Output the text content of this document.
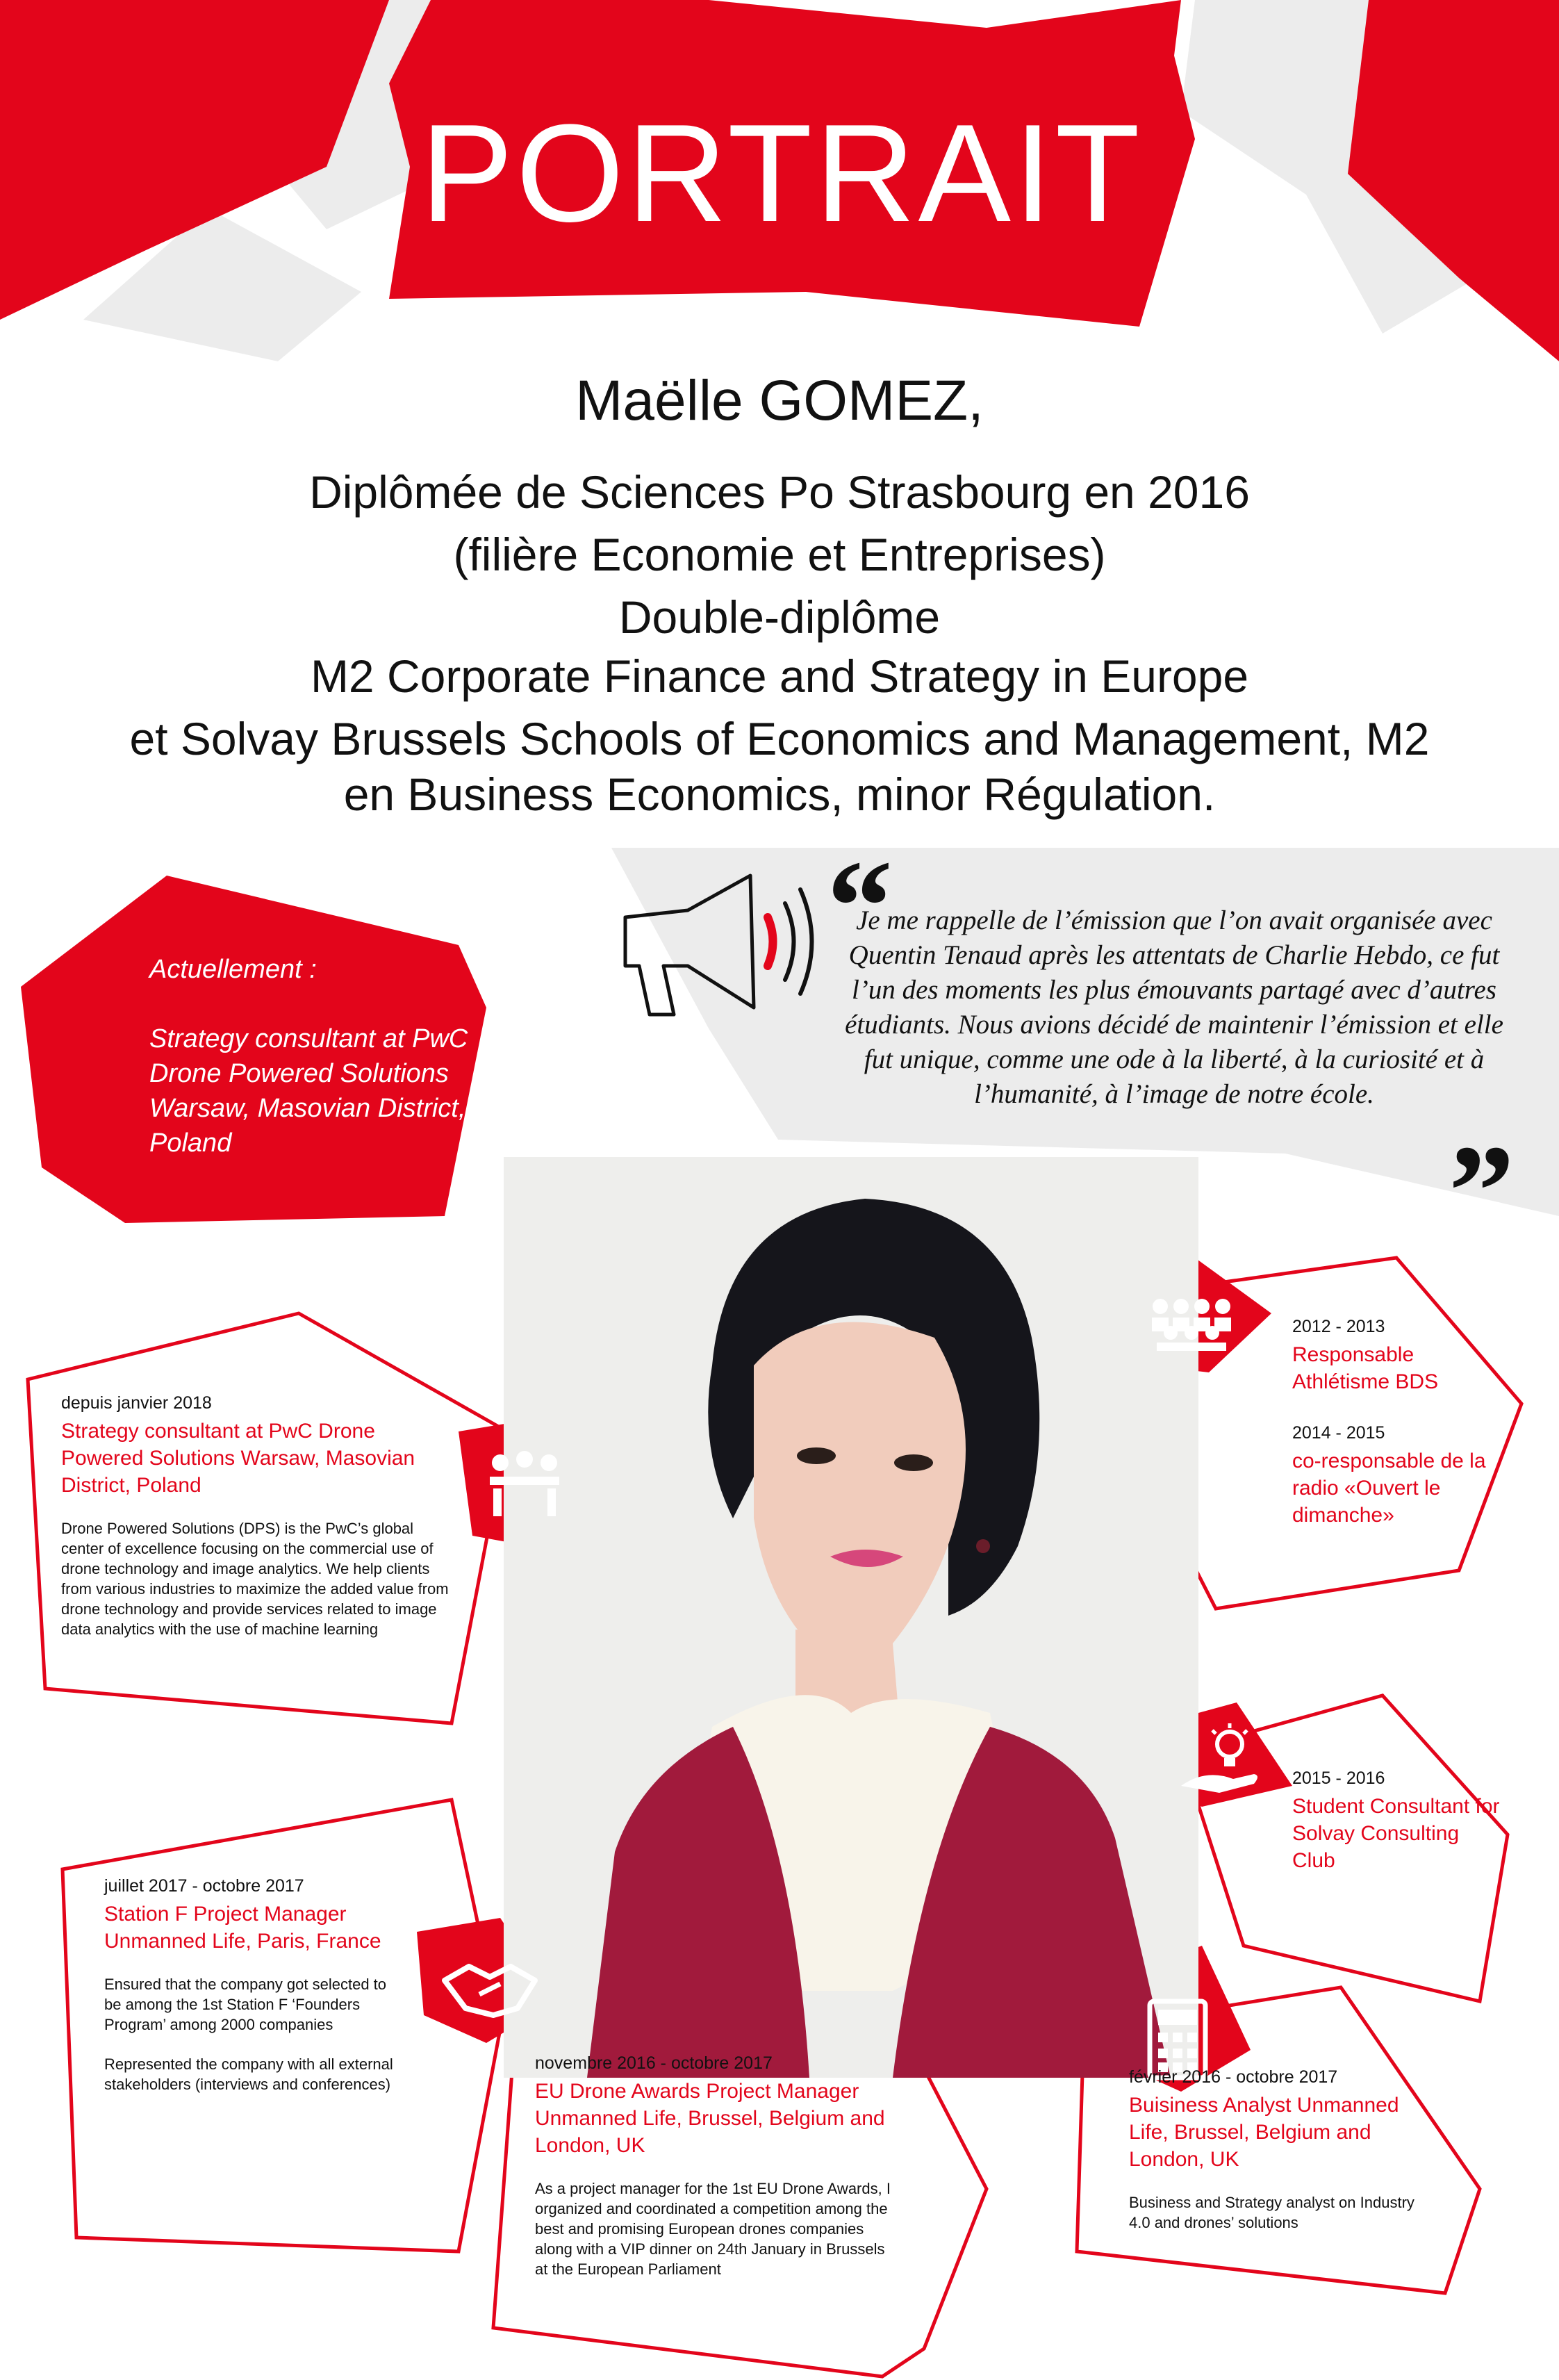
PORTRAIT
Maëlle GOMEZ,
Diplômée de Sciences Po Strasbourg en 2016
(filière Economie et Entreprises)
Double-diplôme
M2 Corporate Finance and Strategy in Europe
et Solvay Brussels Schools of Economics and Management, M2
en Business Economics, minor Régulation.
Actuellement :
Strategy consultant at PwC Drone Powered Solutions Warsaw, Masovian District, Poland
“
Je me rappelle de l’émission que l’on avait organisée avec Quentin Tenaud après les attentats de Charlie Hebdo, ce fut l’un des moments les plus émouvants partagé avec d’autres étudiants. Nous avions décidé de maintenir l’émission et elle fut unique, comme une ode à la liberté, à la curiosité et à l’humanité, à l’image de notre école.
”
depuis janvier 2018
Strategy consultant at PwC Drone Powered Solutions Warsaw, Masovian District, Poland
Drone Powered Solutions (DPS) is the PwC’s global center of excellence focusing on the commercial use of drone technology and image analytics. We help clients from various industries to maximize the added value from drone technology and provide services related to image data analytics with the use of machine learning
2012 - 2013
Responsable Athlétisme BDS
2014 - 2015
co-responsable de la radio «Ouvert le dimanche»
2015 - 2016
Student Consultant for Solvay Consulting Club
juillet 2017 - octobre 2017
Station F Project Manager Unmanned Life, Paris, France
Ensured that the company got selected to be among the 1st Station F ‘Founders Program’ among 2000 companies
Represented the company with all external stakeholders (interviews and conferences)
novembre 2016 - octobre 2017
EU Drone Awards Project Manager Unmanned Life, Brussel, Belgium and London, UK
As a project manager for the 1st EU Drone Awards, I organized and coordinated a competition among the best and promising European drones companies along with a VIP dinner on 24th January in Brussels at the European Parliament
février 2016 - octobre 2017
Buisiness Analyst Unmanned Life, Brussel, Belgium and London, UK
Business and Strategy analyst on Industry 4.0 and drones’ solutions
